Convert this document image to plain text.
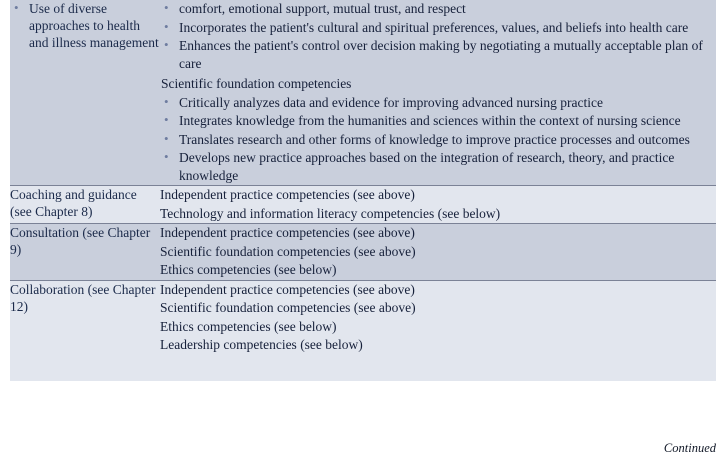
• Use of diverse approaches to health and illness management

• comfort, emotional support, mutual trust, and respect
• Incorporates the patient's cultural and spiritual preferences, values, and beliefs into health care
• Enhances the patient's control over decision making by negotiating a mutually acceptable plan of care
Scientific foundation competencies
• Critically analyzes data and evidence for improving advanced nursing practice
• Integrates knowledge from the humanities and sciences within the context of nursing science
• Translates research and other forms of knowledge to improve practice processes and outcomes
• Develops new practice approaches based on the integration of research, theory, and practice knowledge

Coaching and guidance (see Chapter 8)	Independent practice competencies (see above)
Technology and information literacy competencies (see below)

Consultation (see Chapter 9)	Independent practice competencies (see above)
Scientific foundation competencies (see above)
Ethics competencies (see below)

Collaboration (see Chapter 12)	Independent practice competencies (see above)
Scientific foundation competencies (see above)
Ethics competencies (see below)
Leadership competencies (see below)

Continued
